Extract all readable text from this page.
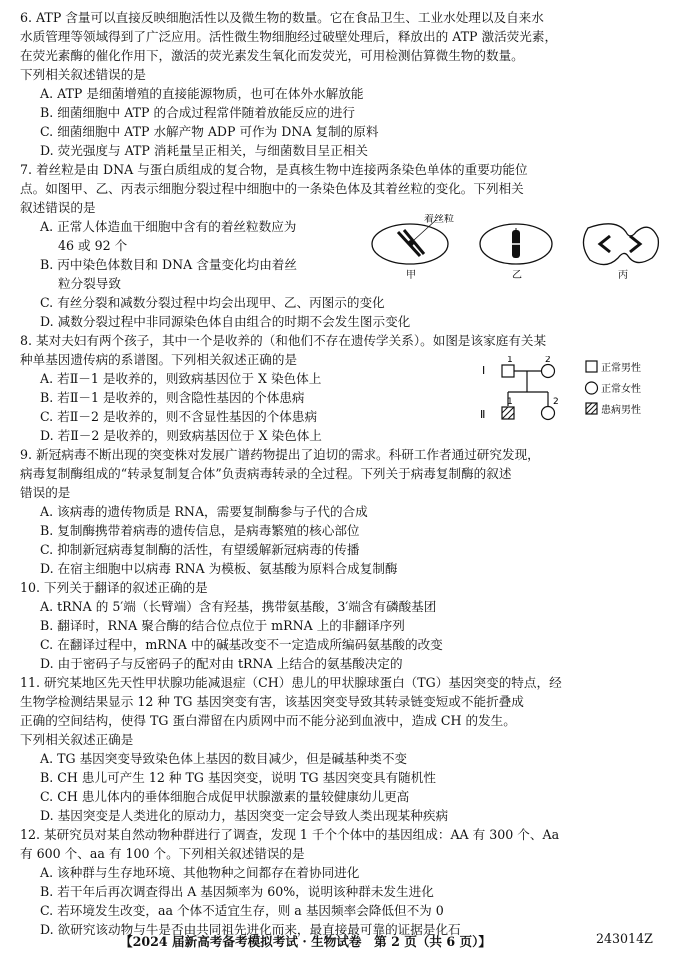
6. ATP 含量可以直接反映细胞活性以及微生物的数量。它在食品卫生、工业水处理以及自来水
水质管理等领域得到了广泛应用。活性微生物细胞经过破壁处理后，释放出的 ATP 激活荧光素，
在荧光素酶的催化作用下，激活的荧光素发生氧化而发荧光，可用检测估算微生物的数量。
下列相关叙述错误的是
A. ATP 是细菌增殖的直接能源物质，也可在体外水解放能
B. 细菌细胞中 ATP 的合成过程常伴随着放能反应的进行
C. 细菌细胞中 ATP 水解产物 ADP 可作为 DNA 复制的原料
D. 荧光强度与 ATP 消耗量呈正相关，与细菌数目呈正相关
7. 着丝粒是由 DNA 与蛋白质组成的复合物，是真核生物中连接两条染色单体的重要功能位
点。如图甲、乙、丙表示细胞分裂过程中细胞中的一条染色体及其着丝粒的变化。下列相关
叙述错误的是
A. 正常人体造血干细胞中含有的着丝粒数应为
46 或 92 个
B. 丙中染色体数目和 DNA 含量变化均由着丝
粒分裂导致
C. 有丝分裂和减数分裂过程中均会出现甲、乙、丙图示的变化
D. 减数分裂过程中非同源染色体自由组合的时期不会发生图示变化
着丝粒
甲	乙	丙
8. 某对夫妇有两个孩子，其中一个是收养的（和他们不存在遗传学关系）。如图是该家庭有关某
种单基因遗传病的系谱图。下列相关叙述正确的是
A. 若Ⅱ－1 是收养的，则致病基因位于 X 染色体上
B. 若Ⅱ－1 是收养的，则含隐性基因的个体患病
C. 若Ⅱ－2 是收养的，则不含显性基因的个体患病
D. 若Ⅱ－2 是收养的，则致病基因位于 X 染色体上
Ⅰ
Ⅱ
1	2
1	2
正常男性
正常女性
患病男性
9. 新冠病毒不断出现的突变株对发展广谱药物提出了迫切的需求。科研工作者通过研究发现，
病毒复制酶组成的“转录复制复合体”负责病毒转录的全过程。下列关于病毒复制酶的叙述
错误的是
A. 该病毒的遗传物质是 RNA，需要复制酶参与子代的合成
B. 复制酶携带着病毒的遗传信息，是病毒繁殖的核心部位
C. 抑制新冠病毒复制酶的活性，有望缓解新冠病毒的传播
D. 在宿主细胞中以病毒 RNA 为模板、氨基酸为原料合成复制酶
10. 下列关于翻译的叙述正确的是
A. tRNA 的 5′端（长臂端）含有羟基，携带氨基酸，3′端含有磷酸基团
B. 翻译时，RNA 聚合酶的结合位点位于 mRNA 上的非翻译序列
C. 在翻译过程中，mRNA 中的碱基改变不一定造成所编码氨基酸的改变
D. 由于密码子与反密码子的配对由 tRNA 上结合的氨基酸决定的
11. 研究某地区先天性甲状腺功能减退症（CH）患儿的甲状腺球蛋白（TG）基因突变的特点，经
生物学检测结果显示 12 种 TG 基因突变有害，该基因突变导致其转录链变短或不能折叠成
正确的空间结构，使得 TG 蛋白滞留在内质网中而不能分泌到血液中，造成 CH 的发生。
下列相关叙述正确是
A. TG 基因突变导致染色体上基因的数目减少，但是碱基种类不变
B. CH 患儿可产生 12 种 TG 基因突变，说明 TG 基因突变具有随机性
C. CH 患儿体内的垂体细胞合成促甲状腺激素的量较健康幼儿更高
D. 基因突变是人类进化的原动力，基因突变一定会导致人类出现某种疾病
12. 某研究员对某自然动物种群进行了调查，发现 1 千个个体中的基因组成：AA 有 300 个、Aa
有 600 个、aa 有 100 个。下列相关叙述错误的是
A. 该种群与生存地环境、其他物种之间都存在着协同进化
B. 若干年后再次调查得出 A 基因频率为 60%，说明该种群未发生进化
C. 若环境发生改变，aa 个体不适宜生存，则 a 基因频率会降低但不为 0
D. 欲研究该动物与牛是否由共同祖先进化而来，最直接最可靠的证据是化石
【2024 届新高考备考模拟考试 · 生物试卷　第 2 页（共 6 页）】	243014Z
